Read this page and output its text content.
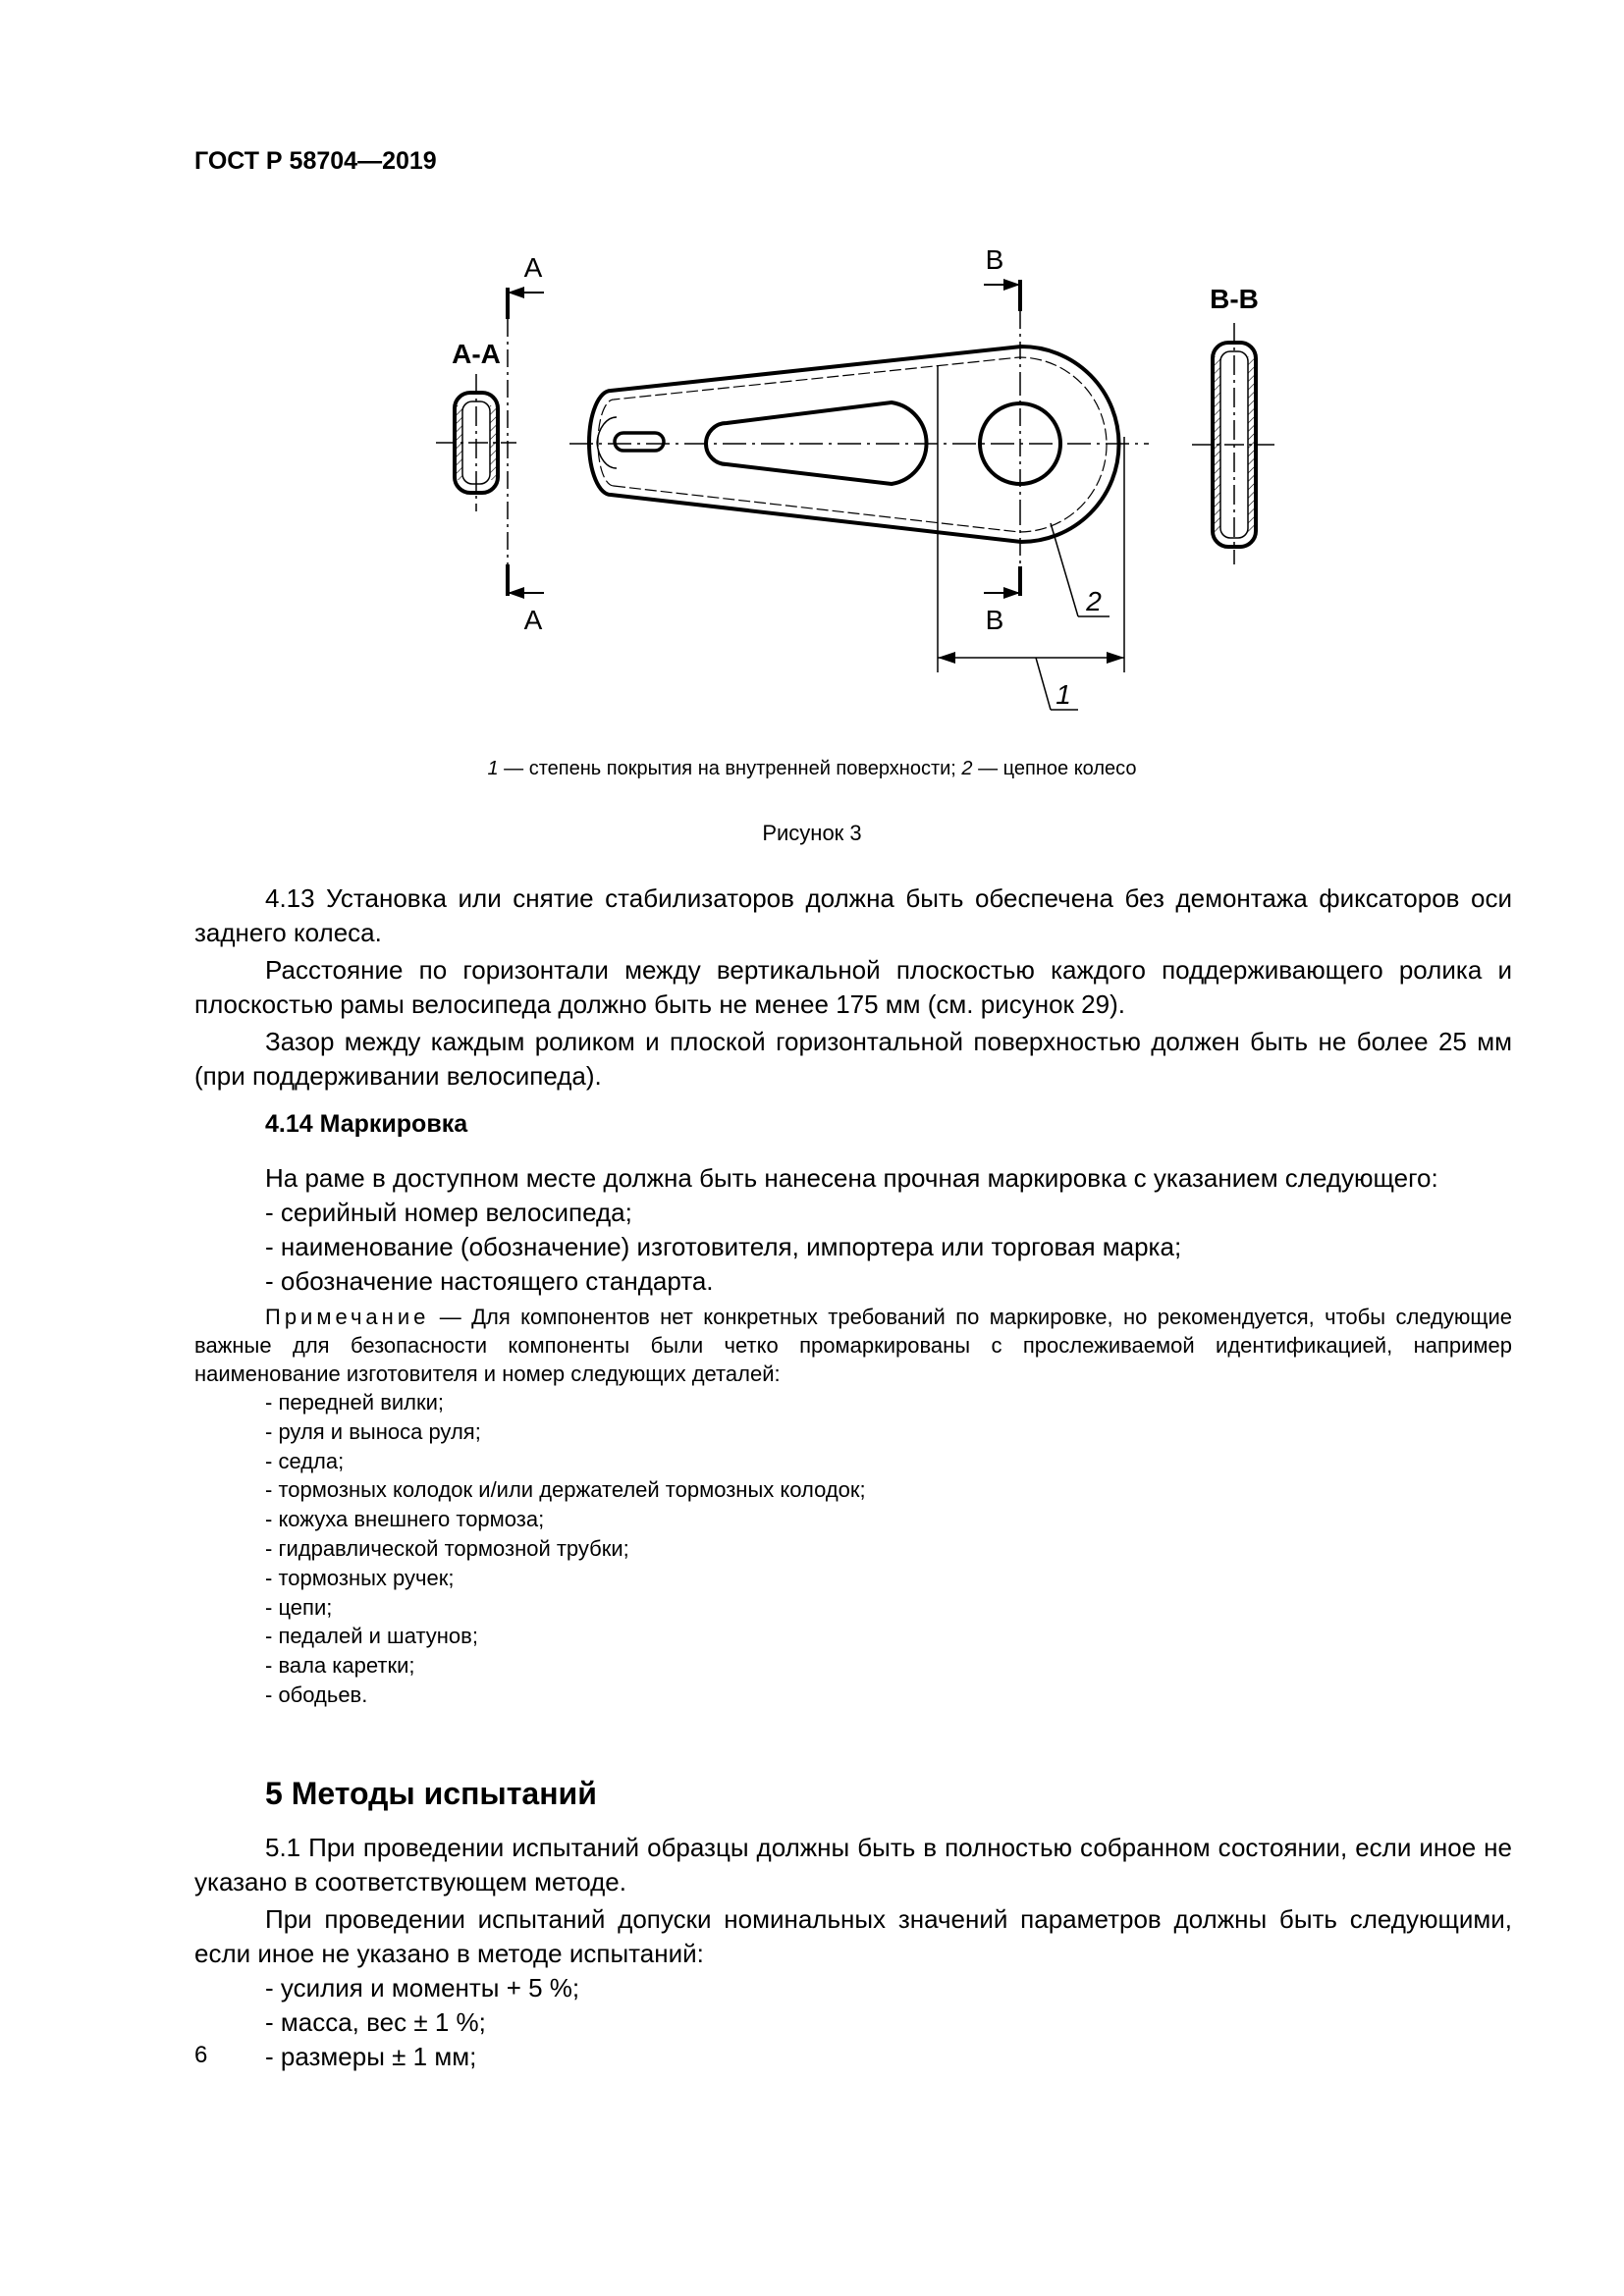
ГОСТ Р 58704—2019
А-А
В-В
А
А
В
В
1
2
1 — степень покрытия на внутренней поверхности; 2 — цепное колесо
Рисунок 3

4.13 Установка или снятие стабилизаторов должна быть обеспечена без демонтажа фиксаторов оси заднего колеса.

Расстояние по горизонтали между вертикальной плоскостью каждого поддерживающего ролика и плоскостью рамы велосипеда должно быть не менее 175 мм (см. рисунок 29).

Зазор между каждым роликом и плоской горизонтальной поверхностью должен быть не более 25 мм (при поддерживании велосипеда).

4.14 Маркировка

На раме в доступном месте должна быть нанесена прочная маркировка с указанием следующего:

- серийный номер велосипеда;
- наименование (обозначение) изготовителя, импортера или торговая марка;
- обозначение настоящего стандарта.

Примечание — Для компонентов нет конкретных требований по маркировке, но рекомендуется, чтобы следующие важные для безопасности компоненты были четко промаркированы с прослеживаемой идентификацией, например наименование изготовителя и номер следующих деталей:

- передней вилки;
- руля и выноса руля;
- седла;
- тормозных колодок и/или держателей тормозных колодок;
- кожуха внешнего тормоза;
- гидравлической тормозной трубки;
- тормозных ручек;
- цепи;
- педалей и шатунов;
- вала каретки;
- ободьев.
5 Методы испытаний

5.1 При проведении испытаний образцы должны быть в полностью собранном состоянии, если иное не указано в соответствующем методе.

При проведении испытаний допуски номинальных значений параметров должны быть следующими, если иное не указано в методе испытаний:

- усилия и моменты + 5 %;
- масса, вес ± 1 %;
- размеры ± 1 мм;
6
